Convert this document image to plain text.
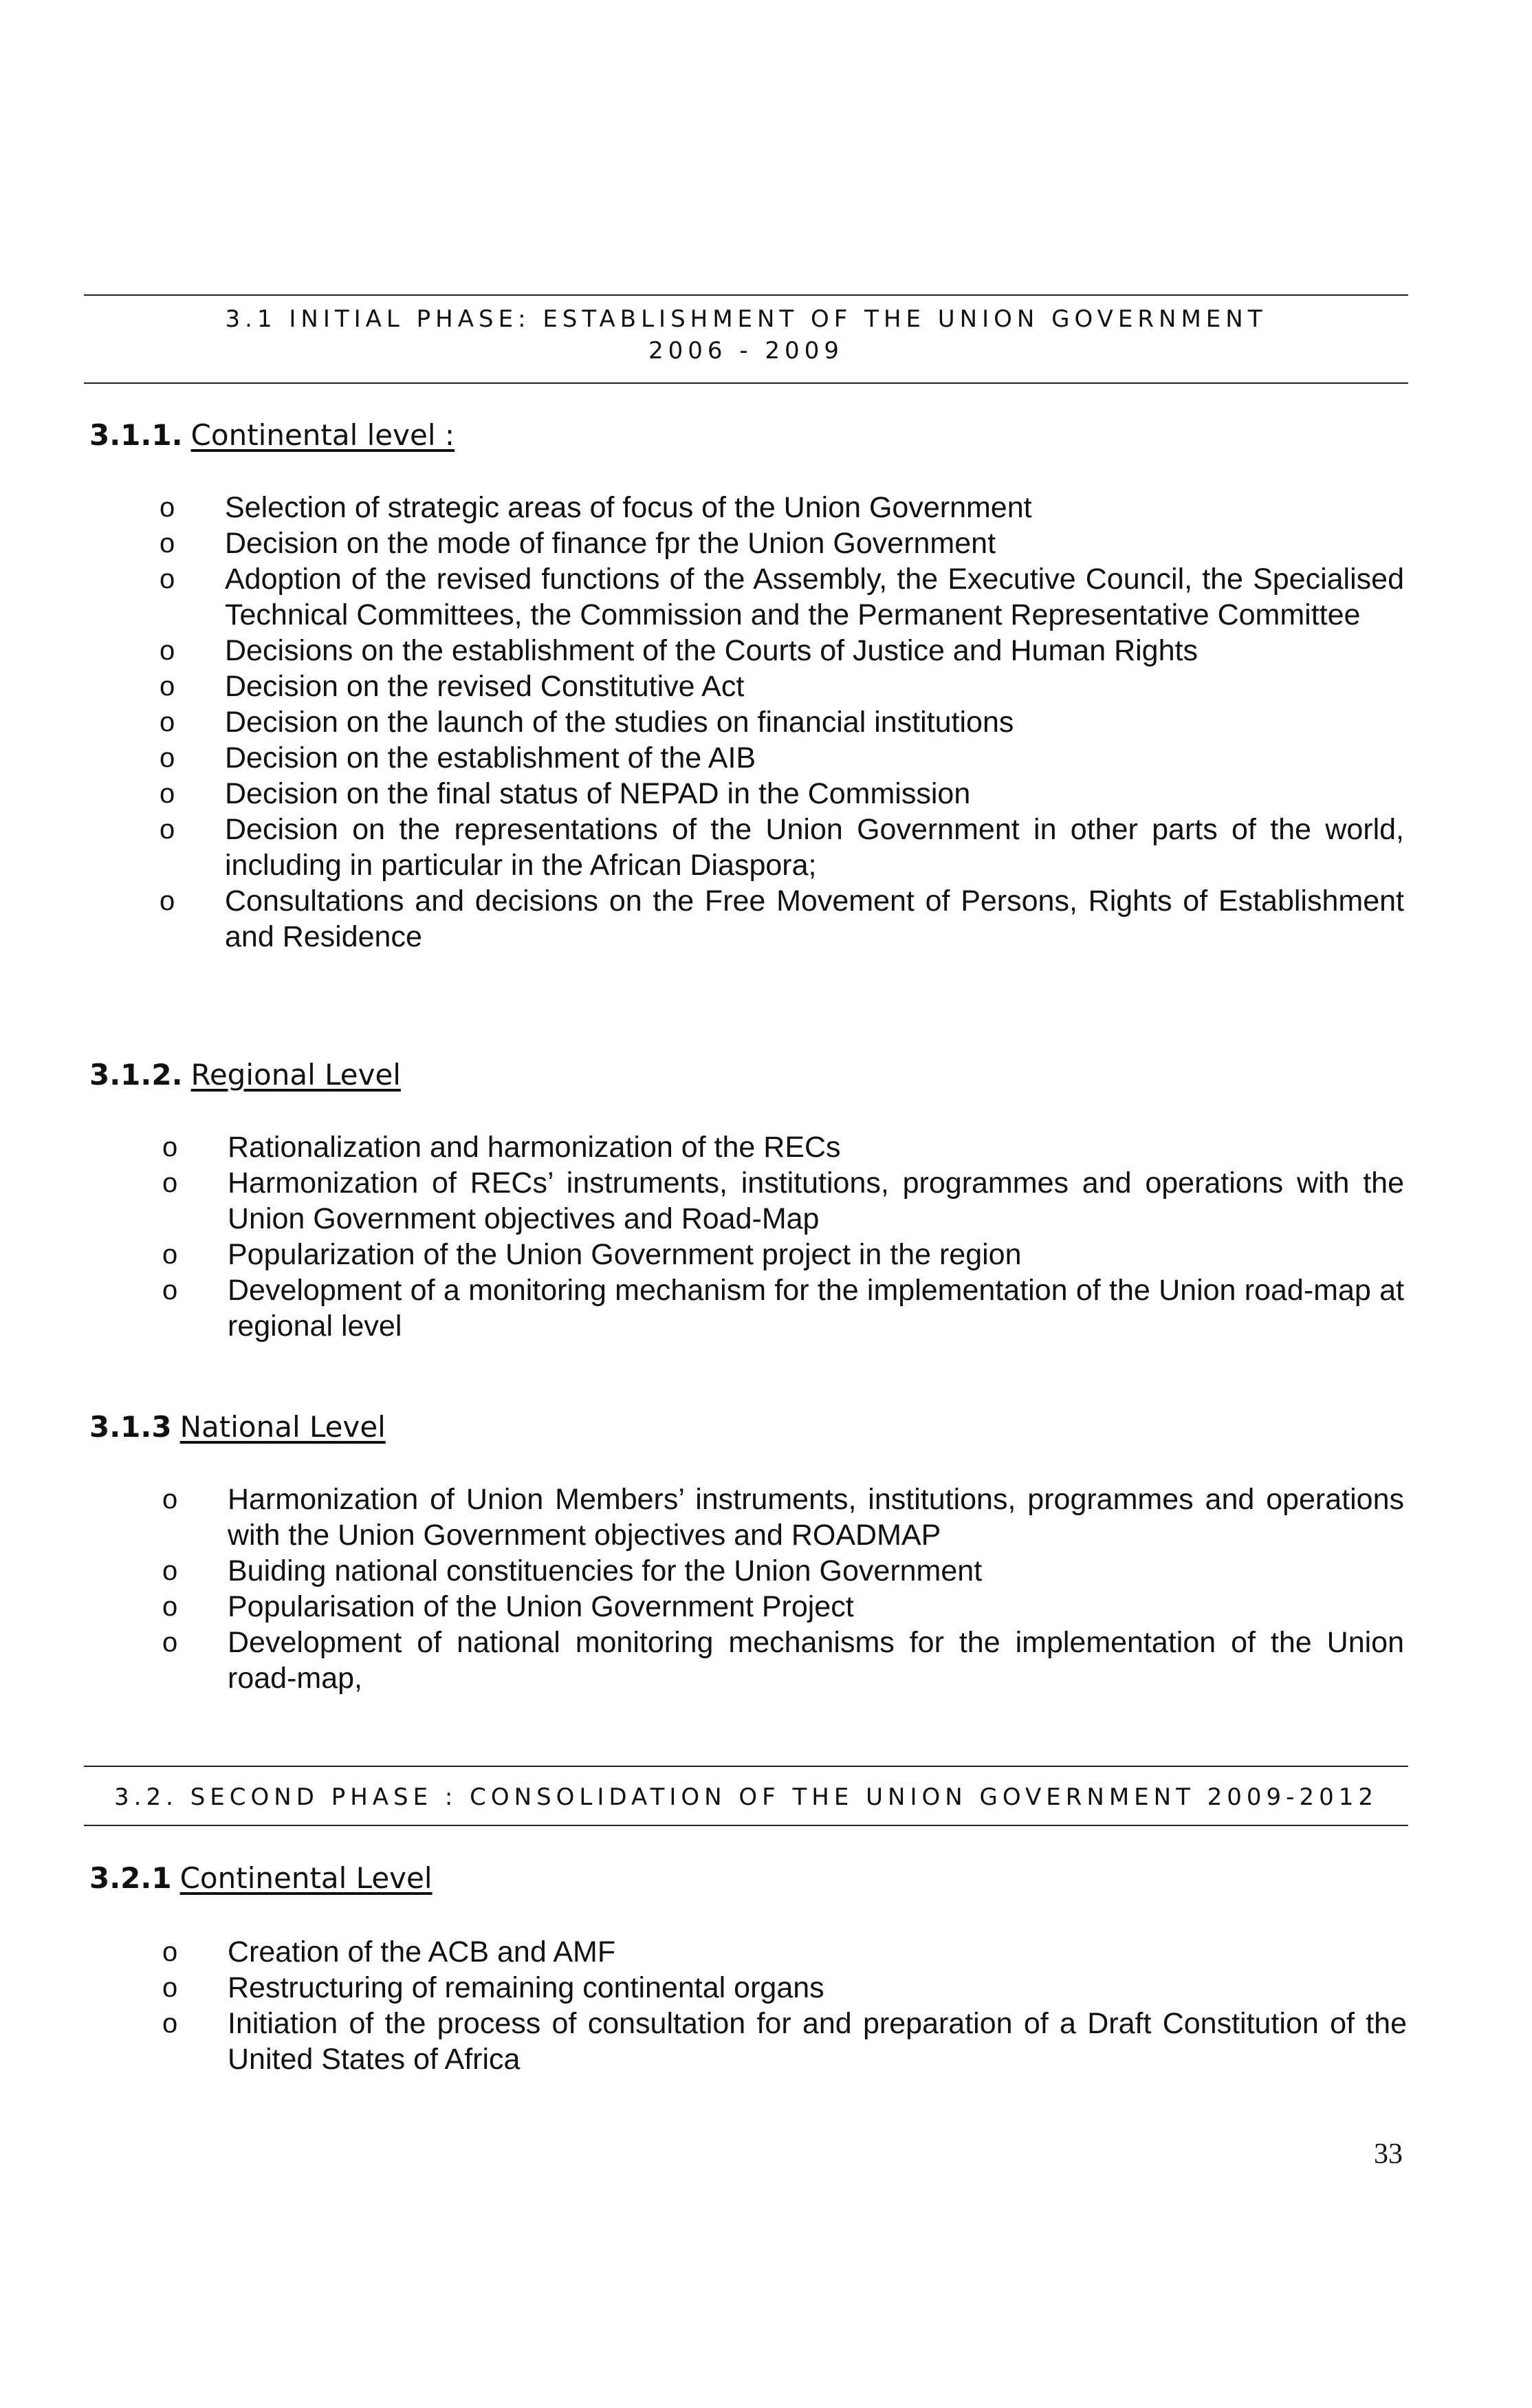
3.1 INITIAL PHASE: ESTABLISHMENT OF THE UNION GOVERNMENT
2006 - 2009
3.1.1. Continental level :
o	Selection of strategic areas of focus of the Union Government
o	Decision on the mode of finance fpr the Union Government
o	Adoption of the revised functions of the Assembly, the Executive Council, the Specialised Technical Committees, the Commission and the Permanent Representative Committee
o	Decisions on the establishment of the Courts of Justice and Human Rights
o	Decision on the revised Constitutive Act
o	Decision on the launch of the studies on financial institutions
o	Decision on the establishment of the AIB
o	Decision on the final status of NEPAD in the Commission
o	Decision on the representations of the Union Government in other parts of the world, including in particular in the African Diaspora;
o	Consultations and decisions on the Free Movement of Persons, Rights of Establishment and Residence
3.1.2. Regional Level
o	Rationalization and harmonization of the RECs
o	Harmonization of RECs’ instruments, institutions, programmes and operations with the Union Government objectives and Road-Map
o	Popularization of the Union Government project in the region
o	Development of a monitoring mechanism for the implementation of the Union road-map at regional level
3.1.3 National Level
o	Harmonization of Union Members’ instruments, institutions, programmes and operations with the Union Government objectives and ROADMAP
o	Buiding national constituencies for the Union Government
o	Popularisation of the Union Government Project
o	Development of national monitoring mechanisms for the implementation of the Union road-map,
3.2. SECOND PHASE : CONSOLIDATION OF THE UNION GOVERNMENT 2009-2012
3.2.1 Continental Level
o	Creation of the ACB and AMF
o	Restructuring of remaining continental organs
o	Initiation of the process of consultation for and preparation of a Draft Constitution of the United States of Africa
33
